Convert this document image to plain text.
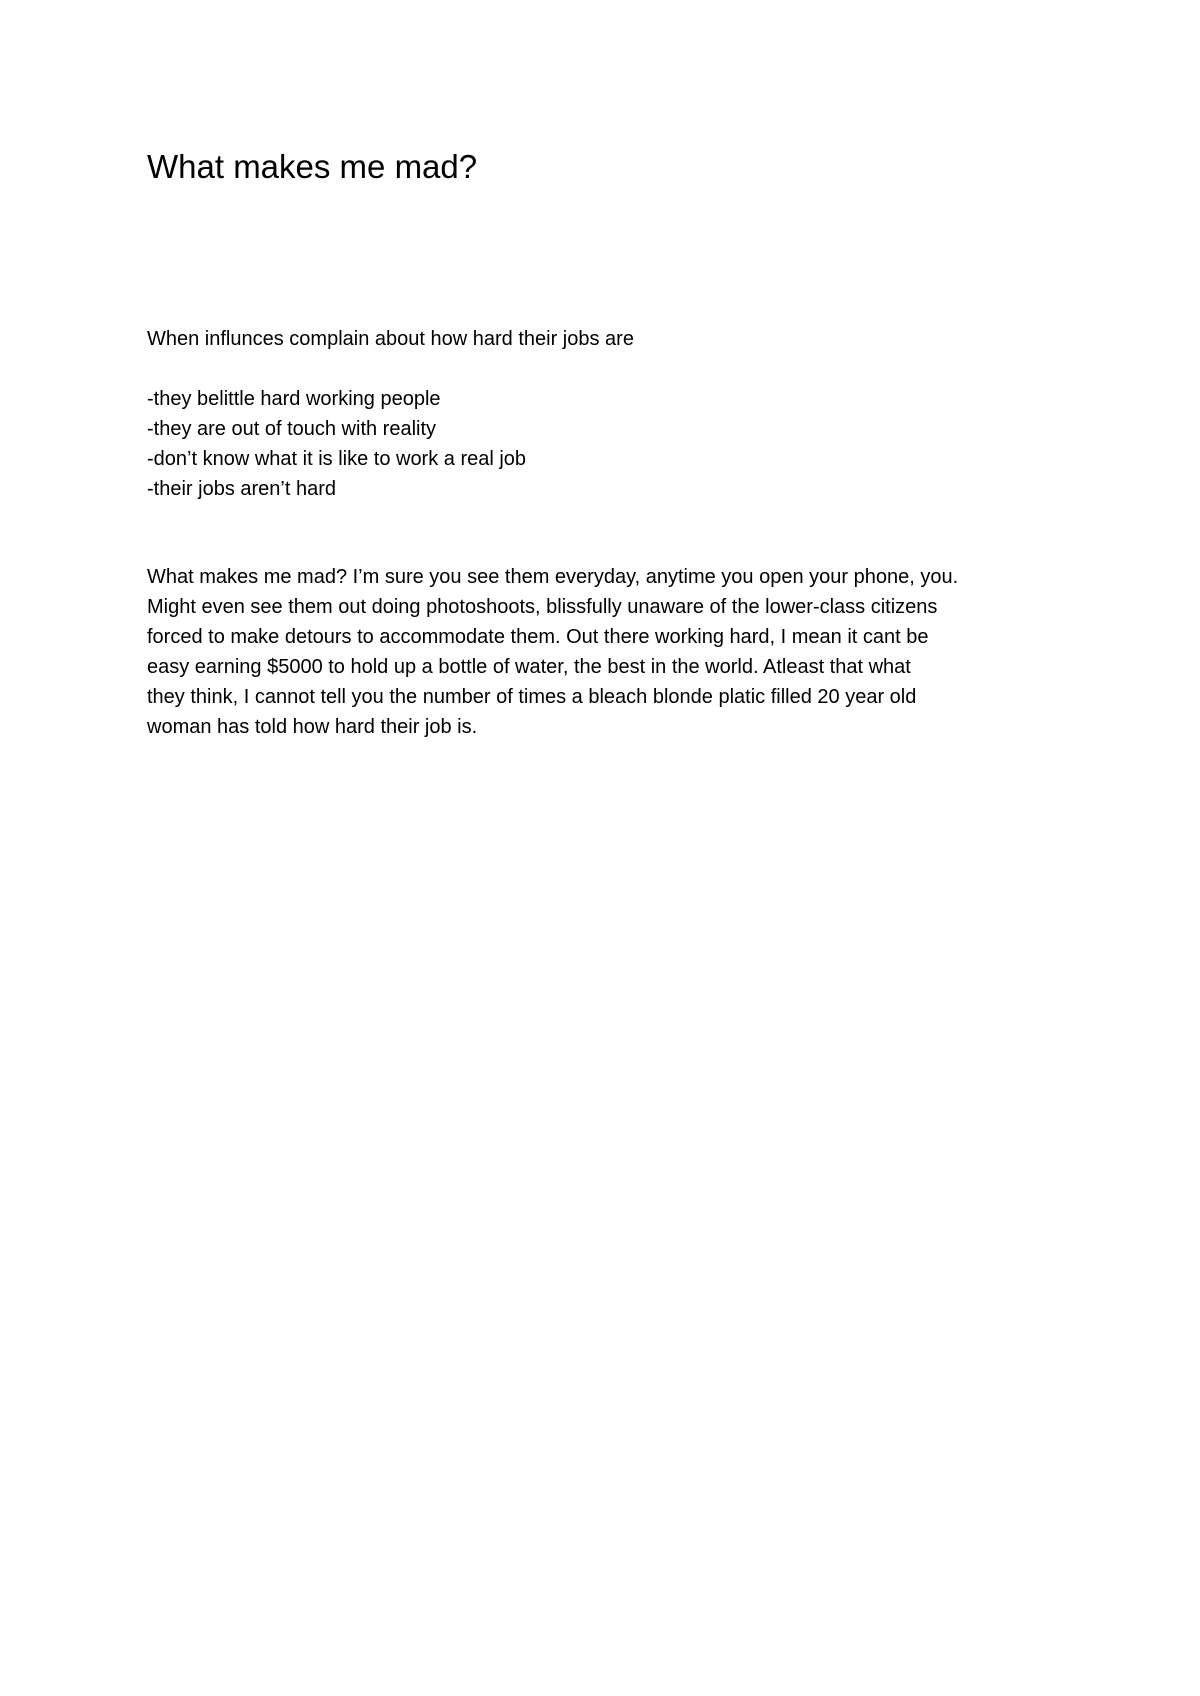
What makes me mad?

When influnces complain about how hard their jobs are

-they belittle hard working people
-they are out of touch with reality
-don’t know what it is like to work a real job
-their jobs aren’t hard

What makes me mad? I’m sure you see them everyday, anytime you open your phone, you.
Might even see them out doing photoshoots, blissfully unaware of the lower-class citizens
forced to make detours to accommodate them. Out there working hard, I mean it cant be
easy earning $5000 to hold up a bottle of water, the best in the world. Atleast that what
they think, I cannot tell you the number of times a bleach blonde platic filled 20 year old
woman has told how hard their job is.
